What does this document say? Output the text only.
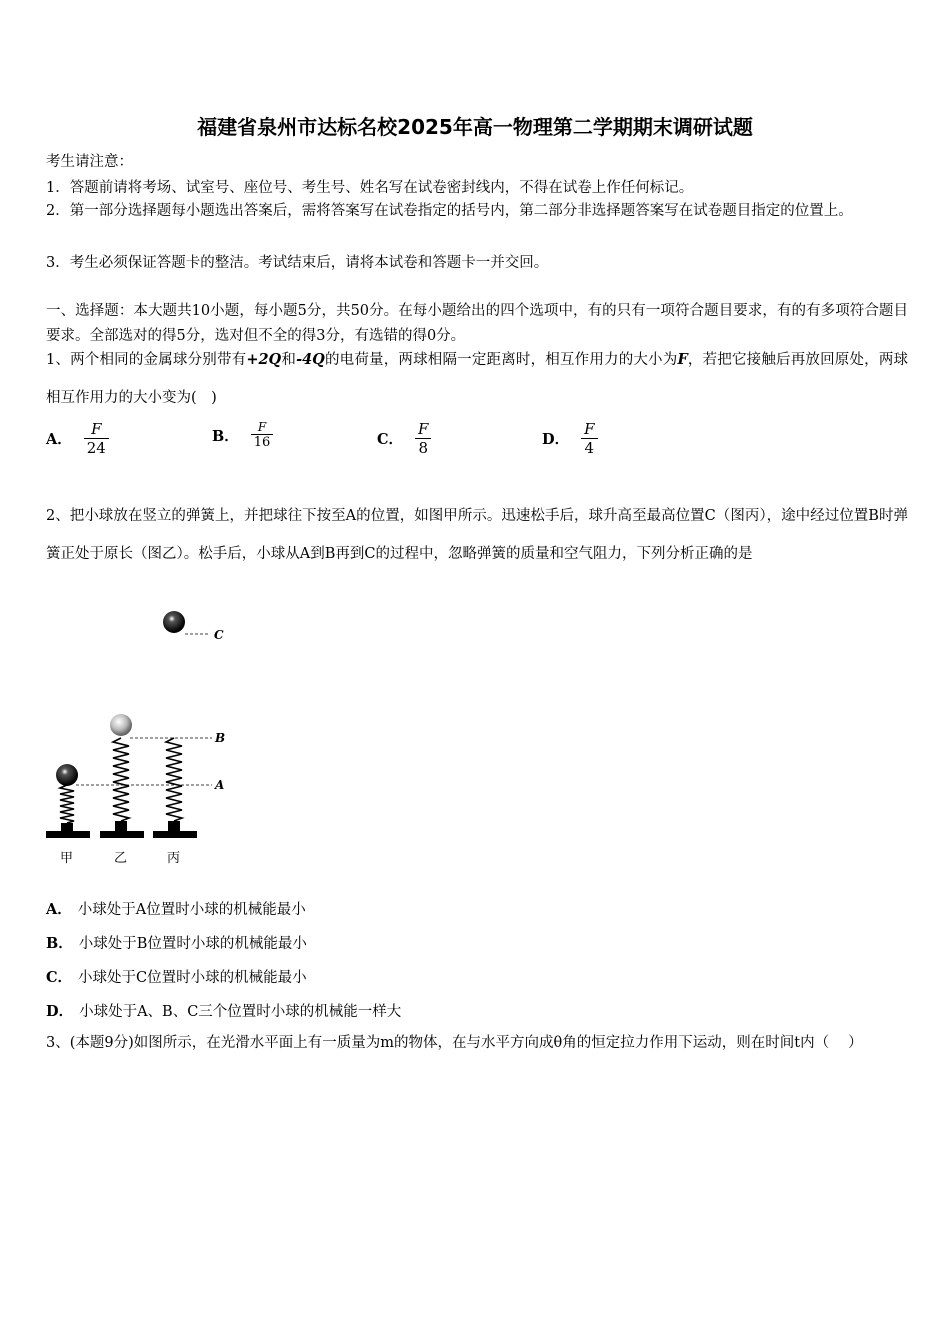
福建省泉州市达标名校2025年高一物理第二学期期末调研试题
考生请注意：
1．答题前请将考场、试室号、座位号、考生号、姓名写在试卷密封线内，不得在试卷上作任何标记。
2．第一部分选择题每小题选出答案后，需将答案写在试卷指定的括号内，第二部分非选择题答案写在试卷题目指定的位置上。
3．考生必须保证答题卡的整洁。考试结束后，请将本试卷和答题卡一并交回。
一、选择题：本大题共10小题，每小题5分，共50分。在每小题给出的四个选项中，有的只有一项符合题目要求，有的有多项符合题目要求。全部选对的得5分，选对但不全的得3分，有选错的得0分。
1、两个相同的金属球分别带有+2Q和-4Q的电荷量，两球相隔一定距离时，相互作用力的大小为F，若把它接触后再放回原处，两球相互作用力的大小变为(　)
A． $\frac{F}{24}$	B． $\frac{F}{16}$	C． $\frac{F}{8}$	D． $\frac{F}{4}$
2、把小球放在竖立的弹簧上，并把球往下按至A的位置，如图甲所示。迅速松手后，球升高至最高位置C（图丙），途中经过位置B时弹簧正处于原长（图乙）。松手后，小球从A到B再到C的过程中，忽略弹簧的质量和空气阻力，下列分析正确的是
C
B
A
甲	乙	丙
A． 小球处于A位置时小球的机械能最小
B． 小球处于B位置时小球的机械能最小
C． 小球处于C位置时小球的机械能最小
D． 小球处于A、B、C三个位置时小球的机械能一样大
3、(本题9分)如图所示，在光滑水平面上有一质量为m的物体，在与水平方向成θ角的恒定拉力作用下运动，则在时间t内（　 ）
